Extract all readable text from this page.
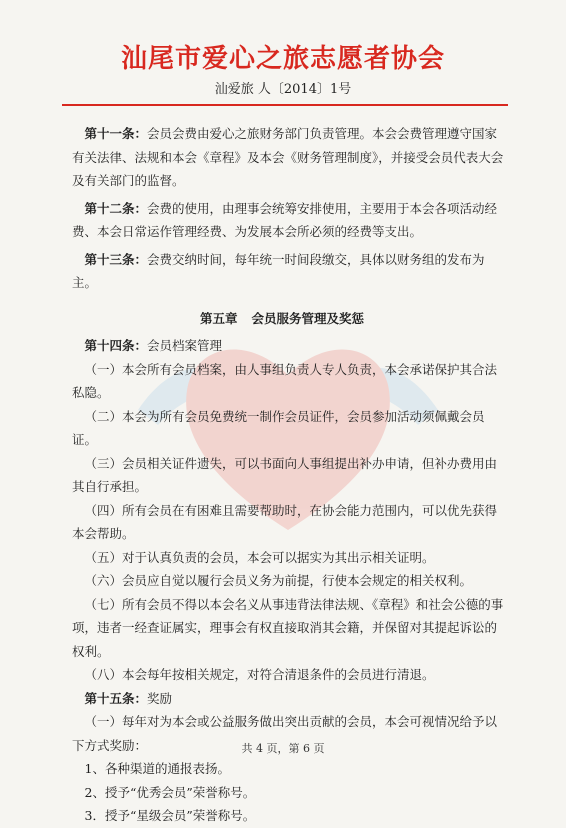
汕尾市爱心之旅志愿者协会
汕爱旅 人〔2014〕1号

第十一条：会员会费由爱心之旅财务部门负责管理。本会会费管理遵守国家有关法律、法规和本会《章程》及本会《财务管理制度》，并接受会员代表大会及有关部门的监督。

第十二条：会费的使用，由理事会统筹安排使用，主要用于本会各项活动经费、本会日常运作管理经费、为发展本会所必须的经费等支出。

第十三条：会费交纳时间，每年统一时间段缴交，具体以财务组的发布为主。

第五章 会员服务管理及奖惩

第十四条：会员档案管理

（一）本会所有会员档案，由人事组负责人专人负责，本会承诺保护其合法私隐。

（二）本会为所有会员免费统一制作会员证件，会员参加活动须佩戴会员证。

（三）会员相关证件遗失，可以书面向人事组提出补办申请，但补办费用由其自行承担。

（四）所有会员在有困难且需要帮助时，在协会能力范围内，可以优先获得本会帮助。

（五）对于认真负责的会员，本会可以据实为其出示相关证明。

（六）会员应自觉以履行会员义务为前提，行使本会规定的相关权利。

（七）所有会员不得以本会名义从事违背法律法规、《章程》和社会公德的事项，违者一经查证属实，理事会有权直接取消其会籍，并保留对其提起诉讼的权利。

（八）本会每年按相关规定，对符合清退条件的会员进行清退。

第十五条：奖励

（一）每年对为本会或公益服务做出突出贡献的会员，本会可视情况给予以下方式奖励：

1、各种渠道的通报表扬。

2、授予“优秀会员”荣誉称号。

3．授予“星级会员”荣誉称号。

共 4 页，第 6 页
